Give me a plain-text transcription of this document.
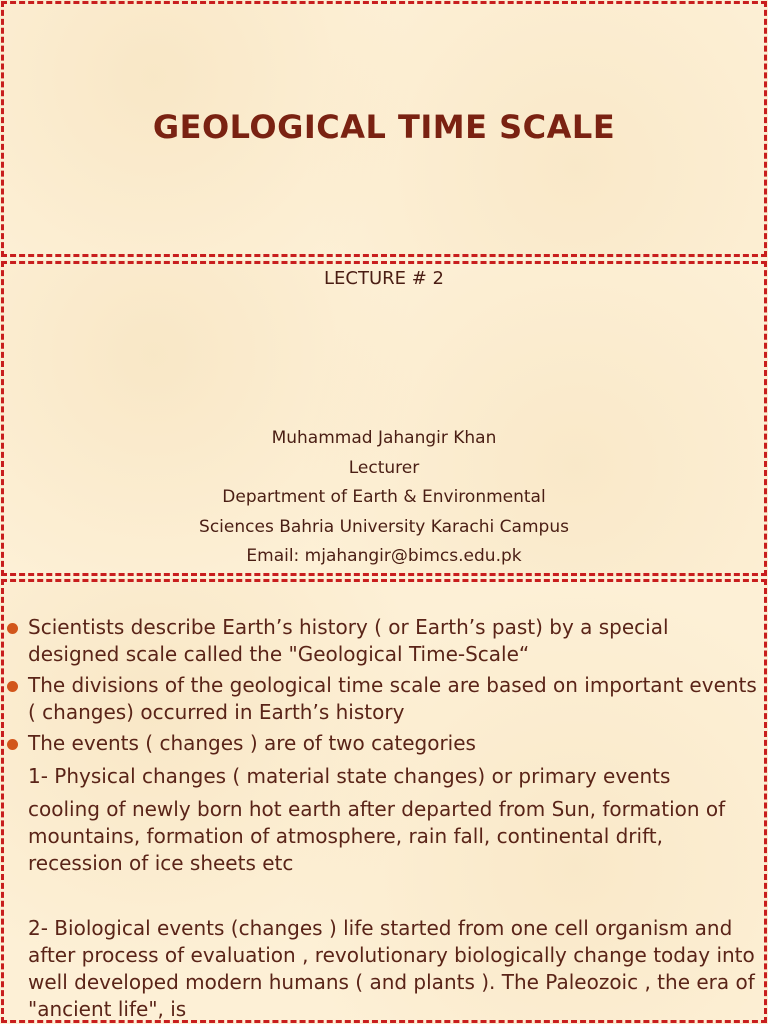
GEOLOGICAL TIME SCALE
LECTURE # 2
Muhammad Jahangir Khan
Lecturer
Department of Earth & Environmental
Sciences Bahria University Karachi Campus
Email: mjahangir@bimcs.edu.pk
Scientists describe Earth’s history ( or Earth’s past) by a special designed scale called the "Geological Time-Scale“
The divisions of the geological time scale are based on important events ( changes) occurred in Earth’s history
The events ( changes ) are of two categories
1- Physical changes ( material state changes) or primary events
cooling of newly born hot earth after departed from Sun, formation of mountains, formation of atmosphere, rain fall, continental drift, recession of ice sheets etc
2- Biological events (changes ) life started from one cell organism and after process of evaluation , revolutionary biologically change today into well developed modern humans ( and plants ). The Paleozoic , the era of "ancient life", is
